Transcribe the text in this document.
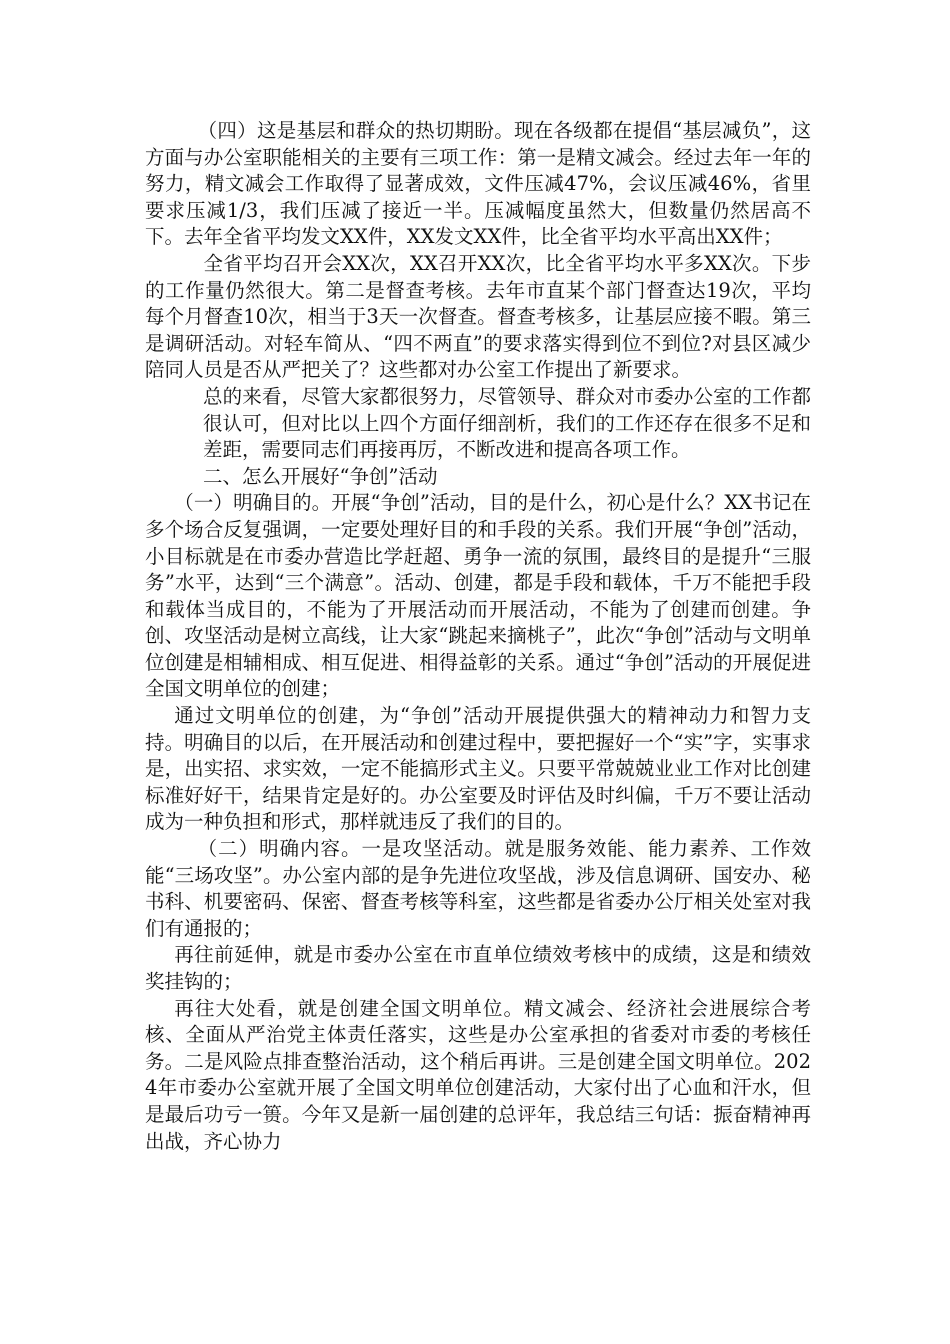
（四）这是基层和群众的热切期盼。现在各级都在提倡“基层减负”，这方面与办公室职能相关的主要有三项工作：第一是精文减会。经过去年一年的努力，精文减会工作取得了显著成效，文件压减47%，会议压减46%，省里要求压减1/3，我们压减了接近一半。压减幅度虽然大，但数量仍然居高不下。去年全省平均发文XX件，XX发文XX件，比全省平均水平高出XX件；

全省平均召开会XX次，XX召开XX次，比全省平均水平多XX次。下步的工作量仍然很大。第二是督查考核。去年市直某个部门督查达19次，平均每个月督查10次，相当于3天一次督查。督查考核多，让基层应接不暇。第三是调研活动。对轻车简从、“四不两直”的要求落实得到位不到位?对县区减少陪同人员是否从严把关了？这些都对办公室工作提出了新要求。

总的来看，尽管大家都很努力，尽管领导、群众对市委办公室的工作都很认可，但对比以上四个方面仔细剖析，我们的工作还存在很多不足和差距，需要同志们再接再厉，不断改进和提高各项工作。

二、怎么开展好“争创”活动

（一）明确目的。开展“争创”活动，目的是什么，初心是什么？XX书记在多个场合反复强调，一定要处理好目的和手段的关系。我们开展“争创”活动，小目标就是在市委办营造比学赶超、勇争一流的氛围，最终目的是提升“三服务”水平，达到“三个满意”。活动、创建，都是手段和载体，千万不能把手段和载体当成目的，不能为了开展活动而开展活动，不能为了创建而创建。争创、攻坚活动是树立高线，让大家“跳起来摘桃子”，此次“争创”活动与文明单位创建是相辅相成、相互促进、相得益彰的关系。通过“争创”活动的开展促进全国文明单位的创建；

通过文明单位的创建，为“争创”活动开展提供强大的精神动力和智力支持。明确目的以后，在开展活动和创建过程中，要把握好一个“实”字，实事求是，出实招、求实效，一定不能搞形式主义。只要平常兢兢业业工作对比创建标准好好干，结果肯定是好的。办公室要及时评估及时纠偏，千万不要让活动成为一种负担和形式，那样就违反了我们的目的。

（二）明确内容。一是攻坚活动。就是服务效能、能力素养、工作效能“三场攻坚”。办公室内部的是争先进位攻坚战，涉及信息调研、国安办、秘书科、机要密码、保密、督查考核等科室，这些都是省委办公厅相关处室对我们有通报的；

再往前延伸，就是市委办公室在市直单位绩效考核中的成绩，这是和绩效奖挂钩的；

再往大处看，就是创建全国文明单位。精文减会、经济社会进展综合考核、全面从严治党主体责任落实，这些是办公室承担的省委对市委的考核任务。二是风险点排查整治活动，这个稍后再讲。三是创建全国文明单位。2024年市委办公室就开展了全国文明单位创建活动，大家付出了心血和汗水，但是最后功亏一篑。今年又是新一届创建的总评年，我总结三句话：振奋精神再出战，齐心协力
